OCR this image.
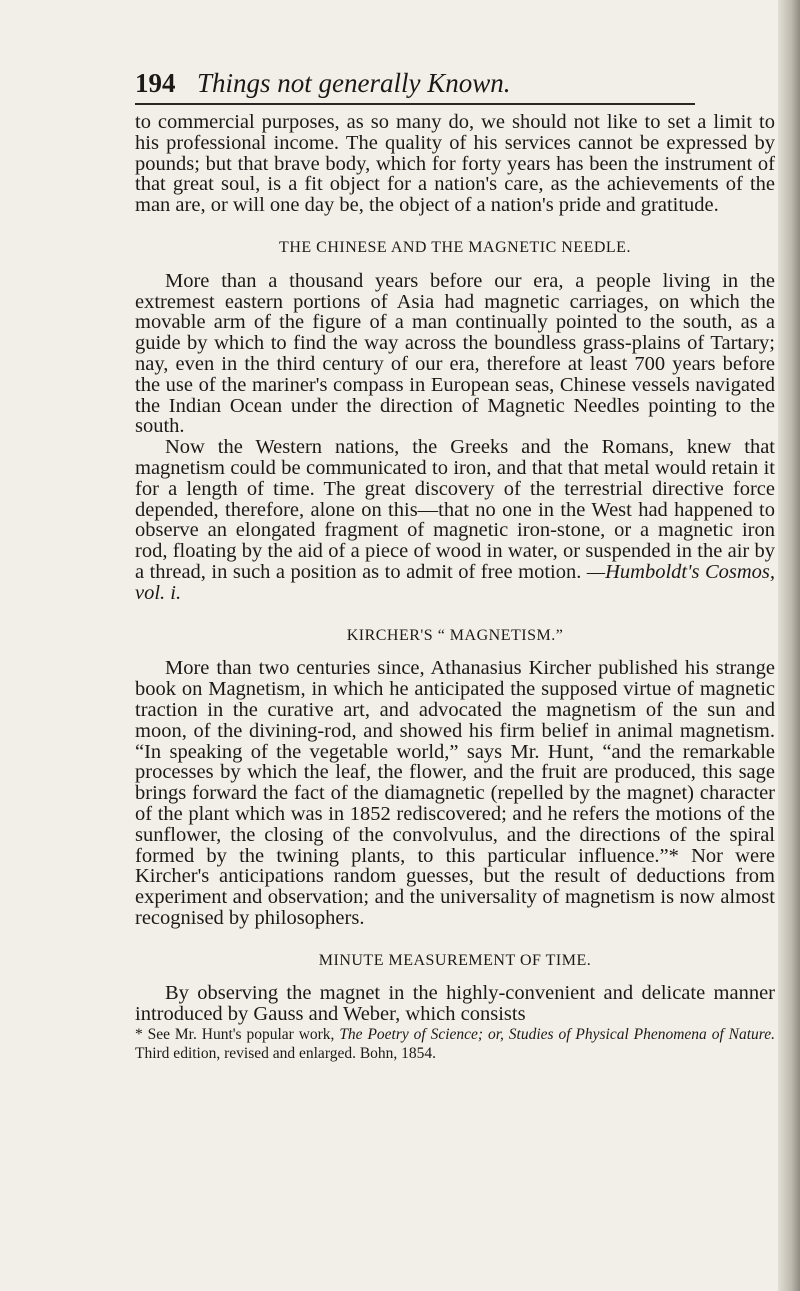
194 Things not generally Known.

to commercial purposes, as so many do, we should not like to set a limit to his professional income. The quality of his services cannot be expressed by pounds; but that brave body, which for forty years has been the instrument of that great soul, is a fit object for a nation's care, as the achievements of the man are, or will one day be, the object of a nation's pride and gratitude.

THE CHINESE AND THE MAGNETIC NEEDLE.

More than a thousand years before our era, a people living in the extremest eastern portions of Asia had magnetic carriages, on which the movable arm of the figure of a man continually pointed to the south, as a guide by which to find the way across the boundless grass-plains of Tartary; nay, even in the third century of our era, therefore at least 700 years before the use of the mariner's compass in European seas, Chinese vessels navigated the Indian Ocean under the direction of Magnetic Needles pointing to the south.

Now the Western nations, the Greeks and the Romans, knew that magnetism could be communicated to iron, and that that metal would retain it for a length of time. The great discovery of the terrestrial directive force depended, therefore, alone on this—that no one in the West had happened to observe an elongated fragment of magnetic iron-stone, or a magnetic iron rod, floating by the aid of a piece of wood in water, or suspended in the air by a thread, in such a position as to admit of free motion. —Humboldt's Cosmos, vol. i.

KIRCHER'S “ MAGNETISM.”

More than two centuries since, Athanasius Kircher published his strange book on Magnetism, in which he anticipated the supposed virtue of magnetic traction in the curative art, and advocated the magnetism of the sun and moon, of the divining-rod, and showed his firm belief in animal magnetism. “In speaking of the vegetable world,” says Mr. Hunt, “and the remarkable processes by which the leaf, the flower, and the fruit are produced, this sage brings forward the fact of the diamagnetic (repelled by the magnet) character of the plant which was in 1852 rediscovered; and he refers the motions of the sunflower, the closing of the convolvulus, and the directions of the spiral formed by the twining plants, to this particular influence.”* Nor were Kircher's anticipations random guesses, but the result of deductions from experiment and observation; and the universality of magnetism is now almost recognised by philosophers.

MINUTE MEASUREMENT OF TIME.

By observing the magnet in the highly-convenient and delicate manner introduced by Gauss and Weber, which consists

* See Mr. Hunt's popular work, The Poetry of Science; or, Studies of Physical Phenomena of Nature. Third edition, revised and enlarged. Bohn, 1854.
